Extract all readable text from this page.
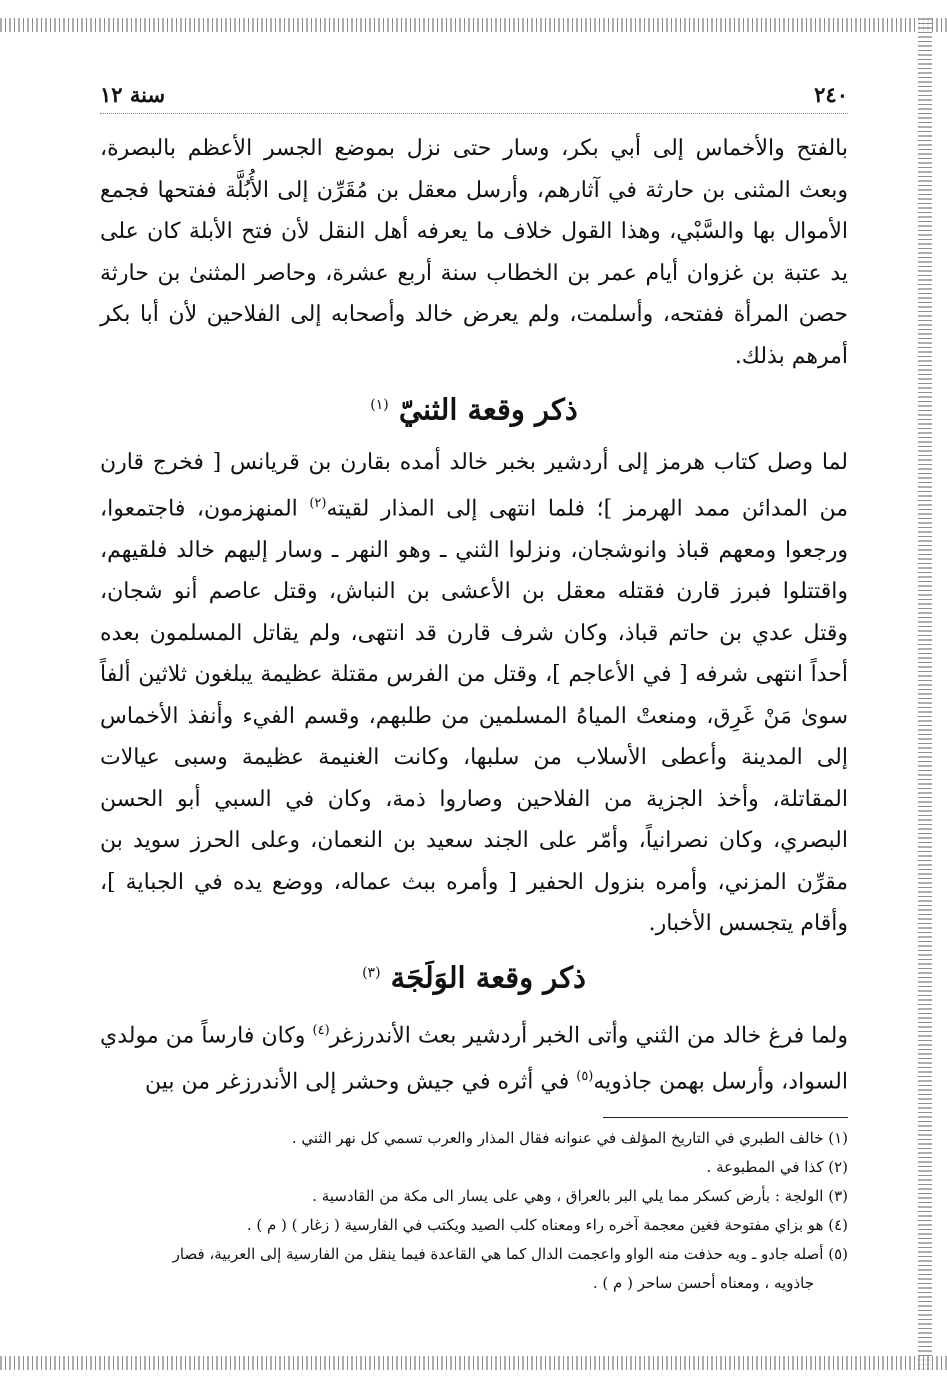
٢٤٠
سنة ١٢

بالفتح والأخماس إلى أبي بكر، وسار حتى نزل بموضع الجسر الأعظم بالبصرة، وبعث المثنى بن حارثة في آثارهم، وأرسل معقل بن مُقَرِّن إلى الأُبُلَّة ففتحها فجمع الأموال بها والسَّبْي، وهذا القول خلاف ما يعرفه أهل النقل لأن فتح الأبلة كان على يد عتبة بن غزوان أيام عمر بن الخطاب سنة أربع عشرة، وحاصر المثنىٰ بن حارثة حصن المرأة ففتحه، وأسلمت، ولم يعرض خالد وأصحابه إلى الفلاحين لأن أبا بكر أمرهم بذلك.

ذكر وقعة الثنيّ $^{(١)}$

لما وصل كتاب هرمز إلى أردشير بخبر خالد أمده بقارن بن قريانس [ فخرج قارن من المدائن ممد الهرمز ]؛ فلما انتهى إلى المذار لقيته$^{(٢)}$ المنهزمون، فاجتمعوا، ورجعوا ومعهم قباذ وانوشجان، ونزلوا الثني ـ وهو النهر ـ وسار إليهم خالد فلقيهم، واقتتلوا فبرز قارن فقتله معقل بن الأعشى بن النباش، وقتل عاصم أنو شجان، وقتل عدي بن حاتم قباذ، وكان شرف قارن قد انتهى، ولم يقاتل المسلمون بعده أحداً انتهى شرفه [ في الأعاجم ]، وقتل من الفرس مقتلة عظيمة يبلغون ثلاثين ألفاً سوىٰ مَنْ غَرِق، ومنعتْ المياهُ المسلمين من طلبهم، وقسم الفيء وأنفذ الأخماس إلى المدينة وأعطى الأسلاب من سلبها، وكانت الغنيمة عظيمة وسبى عيالات المقاتلة، وأخذ الجزية من الفلاحين وصاروا ذمة، وكان في السبي أبو الحسن البصري، وكان نصرانياً، وأمّر على الجند سعيد بن النعمان، وعلى الحرز سويد بن مقرِّن المزني، وأمره بنزول الحفير [ وأمره ببث عماله، ووضع يده في الجباية ]، وأقام يتجسس الأخبار.

ذكر وقعة الوَلَجَة $^{(٣)}$

ولما فرغ خالد من الثني وأتى الخبر أردشير بعث الأندرزغر$^{(٤)}$ وكان فارساً من مولدي السواد، وأرسل بهمن جاذويه$^{(٥)}$ في أثره في جيش وحشر إلى الأندرزغر من بين

(١) خالف الطبري في التاريخ المؤلف في عنوانه فقال المذار والعرب تسمي كل نهر الثني .

(٢) كذا في المطبوعة .

(٣) الولجة : بأرض كسكر مما يلي البر بالعراق ، وهي على يسار الى مكة من القادسية .

(٤) هو بزاي مفتوحة فغين معجمة آخره راء ومعناه كلب الصيد ويكتب في الفارسية ( زغار ) ( م ) .

(٥) أصله جادو ـ ويه حذفت منه الواو واعجمت الدال كما هي القاعدة فيما ينقل من الفارسية إلى العربية، فصار
جاذويه ، ومعناه أحسن ساحر ( م ) .
